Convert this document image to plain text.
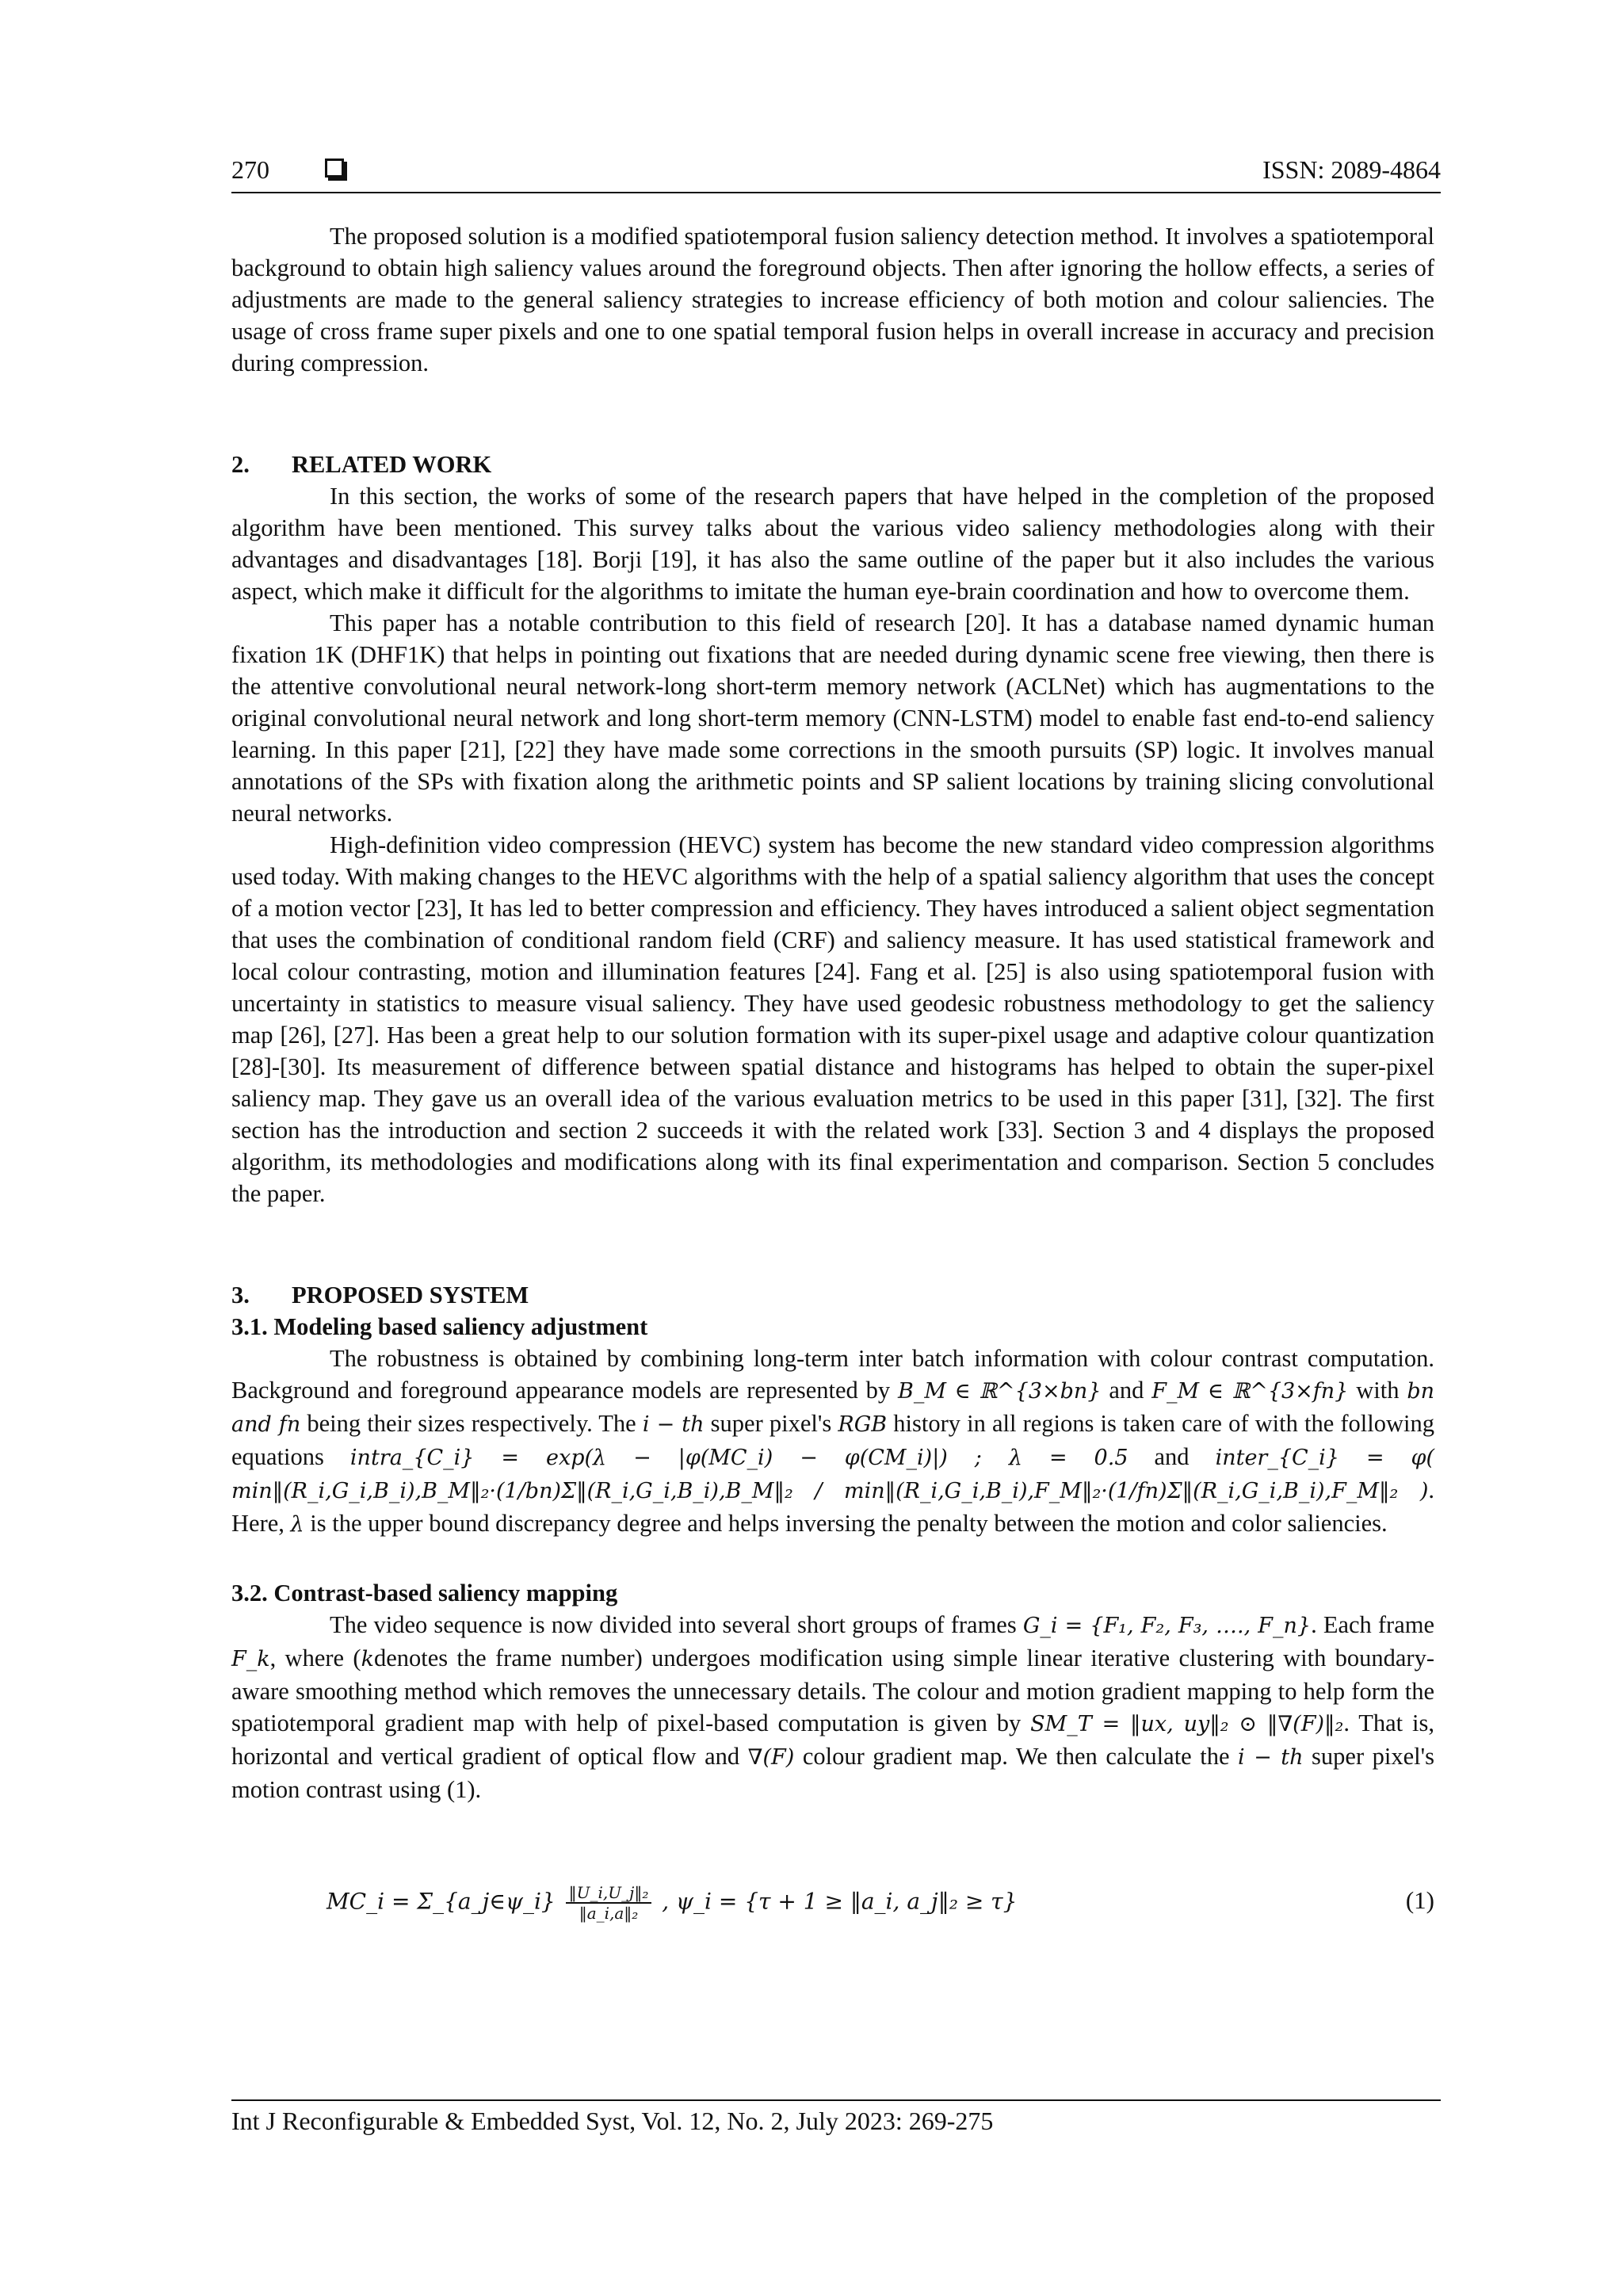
270	ISSN: 2089-4864

The proposed solution is a modified spatiotemporal fusion saliency detection method. It involves a spatiotemporal background to obtain high saliency values around the foreground objects. Then after ignoring the hollow effects, a series of adjustments are made to the general saliency strategies to increase efficiency of both motion and colour saliencies. The usage of cross frame super pixels and one to one spatial temporal fusion helps in overall increase in accuracy and precision during compression.

2. RELATED WORK

In this section, the works of some of the research papers that have helped in the completion of the proposed algorithm have been mentioned. This survey talks about the various video saliency methodologies along with their advantages and disadvantages [18]. Borji [19], it has also the same outline of the paper but it also includes the various aspect, which make it difficult for the algorithms to imitate the human eye-brain coordination and how to overcome them.

This paper has a notable contribution to this field of research [20]. It has a database named dynamic human fixation 1K (DHF1K) that helps in pointing out fixations that are needed during dynamic scene free viewing, then there is the attentive convolutional neural network-long short-term memory network (ACLNet) which has augmentations to the original convolutional neural network and long short-term memory (CNN-LSTM) model to enable fast end-to-end saliency learning. In this paper [21], [22] they have made some corrections in the smooth pursuits (SP) logic. It involves manual annotations of the SPs with fixation along the arithmetic points and SP salient locations by training slicing convolutional neural networks.

High-definition video compression (HEVC) system has become the new standard video compression algorithms used today. With making changes to the HEVC algorithms with the help of a spatial saliency algorithm that uses the concept of a motion vector [23], It has led to better compression and efficiency. They haves introduced a salient object segmentation that uses the combination of conditional random field (CRF) and saliency measure. It has used statistical framework and local colour contrasting, motion and illumination features [24]. Fang et al. [25] is also using spatiotemporal fusion with uncertainty in statistics to measure visual saliency. They have used geodesic robustness methodology to get the saliency map [26], [27]. Has been a great help to our solution formation with its super-pixel usage and adaptive colour quantization [28]-[30]. Its measurement of difference between spatial distance and histograms has helped to obtain the super-pixel saliency map. They gave us an overall idea of the various evaluation metrics to be used in this paper [31], [32]. The first section has the introduction and section 2 succeeds it with the related work [33]. Section 3 and 4 displays the proposed algorithm, its methodologies and modifications along with its final experimentation and comparison. Section 5 concludes the paper.

3. PROPOSED SYSTEM
3.1. Modeling based saliency adjustment

The robustness is obtained by combining long-term inter batch information with colour contrast computation. Background and foreground appearance models are represented by B_M ∈ ℝ^{3×bn} and F_M ∈ ℝ^{3×fn} with bn and fn being their sizes respectively. The i − th super pixel's RGB history in all regions is taken care of with the following equations intra_{C_i} = exp(λ − |φ(MC_i) − φ(CM_i)|) ; λ = 0.5 and inter_{C_i} = φ( min‖(R_i,G_i,B_i),B_M‖₂·(1/bn)Σ‖(R_i,G_i,B_i),B_M‖₂ / min‖(R_i,G_i,B_i),F_M‖₂·(1/fn)Σ‖(R_i,G_i,B_i),F_M‖₂ ). Here, λ is the upper bound discrepancy degree and helps inversing the penalty between the motion and color saliencies.

3.2. Contrast-based saliency mapping

The video sequence is now divided into several short groups of frames G_i = {F₁, F₂, F₃, …., F_n}. Each frame F_k, where (kdenotes the frame number) undergoes modification using simple linear iterative clustering with boundary-aware smoothing method which removes the unnecessary details. The colour and motion gradient mapping to help form the spatiotemporal gradient map with help of pixel-based computation is given by SM_T = ‖ux, uy‖₂ ⊙ ‖∇(F)‖₂. That is, horizontal and vertical gradient of optical flow and ∇(F) colour gradient map. We then calculate the i − th super pixel's motion contrast using (1).

MC_i = Σ_{a_j∈ψ_i} $\frac{\text{‖U\_i,U\_j‖₂}}{\text{‖a\_i,a‖₂}}$ , ψ_i = {τ + 1 ≥ ‖a_i, a_j‖₂ ≥ τ}	(1)
Int J Reconfigurable & Embedded Syst, Vol. 12, No. 2, July 2023: 269-275
